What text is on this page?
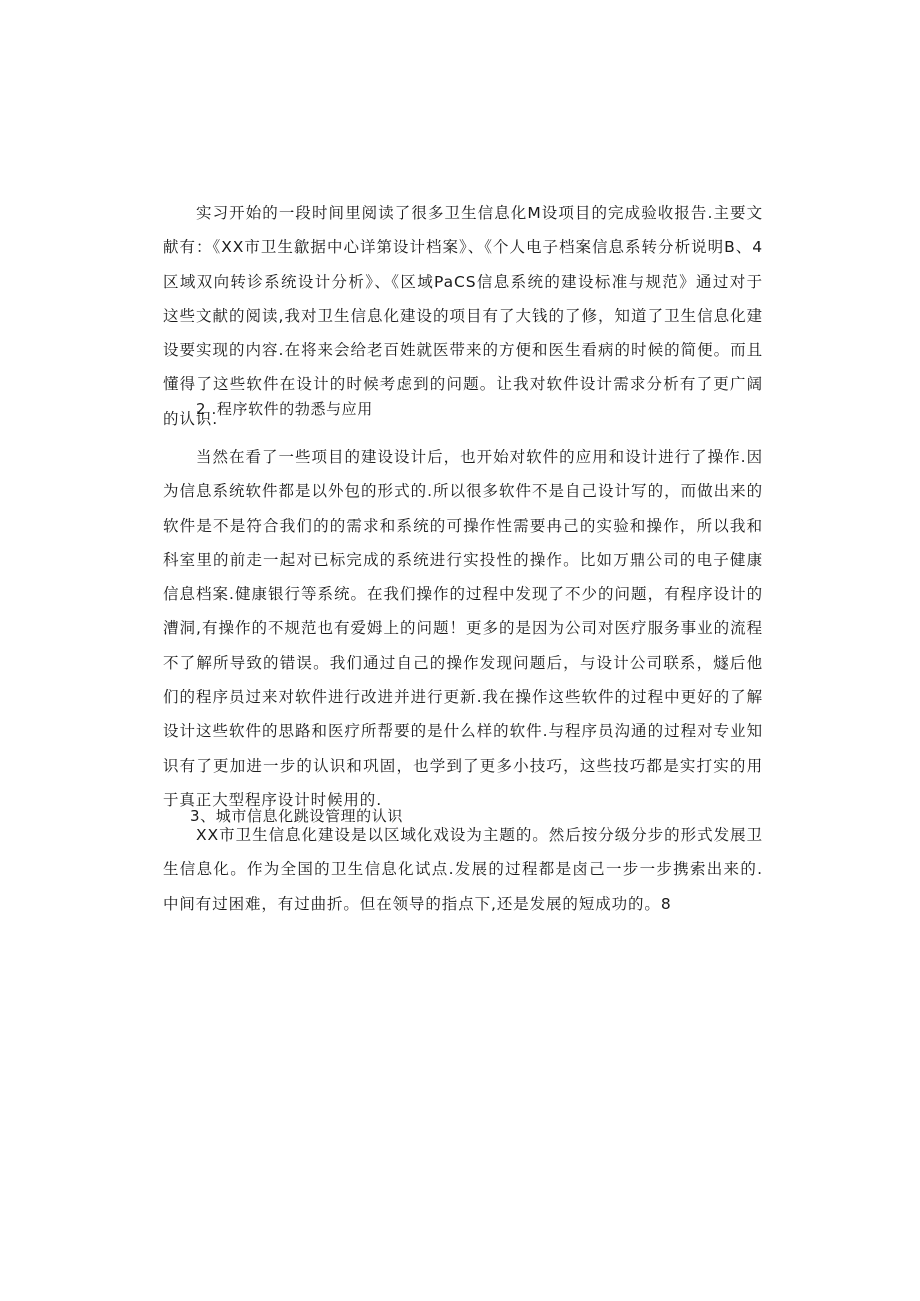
实习开始的一段时间里阅读了很多卫生信息化M设项目的完成验收报告.主要文献有：《XX市卫生歙据中心详第设计档案》、《个人电子档案信息系转分析说明B、4区域双向转诊系统设计分析》、《区域PaCS信息系统的建设标准与规范》通过对于这些文献的阅读,我对卫生信息化建设的项目有了大钱的了修，知道了卫生信息化建设要实现的内容.在将来会给老百姓就医带来的方便和医生看病的时候的简便。而且懂得了这些软件在设计的时候考虑到的问题。让我对软件设计需求分析有了更广阔的认识.

2 .程序软件的勃悉与应用

当然在看了一些项目的建设设计后，也开始对软件的应用和设计进行了操作.因为信息系统软件都是以外包的形式的.所以很多软件不是自己设计写的，而做出来的软件是不是符合我们的的需求和系统的可操作性需要冉己的实验和操作，所以我和科室里的前走一起对已标完成的系统进行实投性的操作。比如万鼎公司的电子健康信息档案.健康银行等系统。在我们操作的过程中发现了不少的问题，有程序设计的漕洞,有操作的不规范也有爱姆上的问题！更多的是因为公司对医疗服务事业的流程不了解所导致的错误。我们通过自己的操作发现问题后，与设计公司联系，燧后他们的程序员过来对软件进行改进并进行更新.我在操作这些软件的过程中更好的了解设计这些软件的思路和医疗所帮要的是什么样的软件.与程序员沟通的过程对专业知识有了更加进一步的认识和巩固，也学到了更多小技巧，这些技巧都是实打实的用于真正大型程序设计时候用的.

3、城市信息化跳设管理的认识

XX市卫生信息化建设是以区域化戏设为主题的。然后按分级分步的形式发展卫生信息化。作为全国的卫生信息化试点.发展的过程都是卤己一步一步携索出来的.中间有过困难，有过曲折。但在领导的指点下,还是发展的短成功的。8
